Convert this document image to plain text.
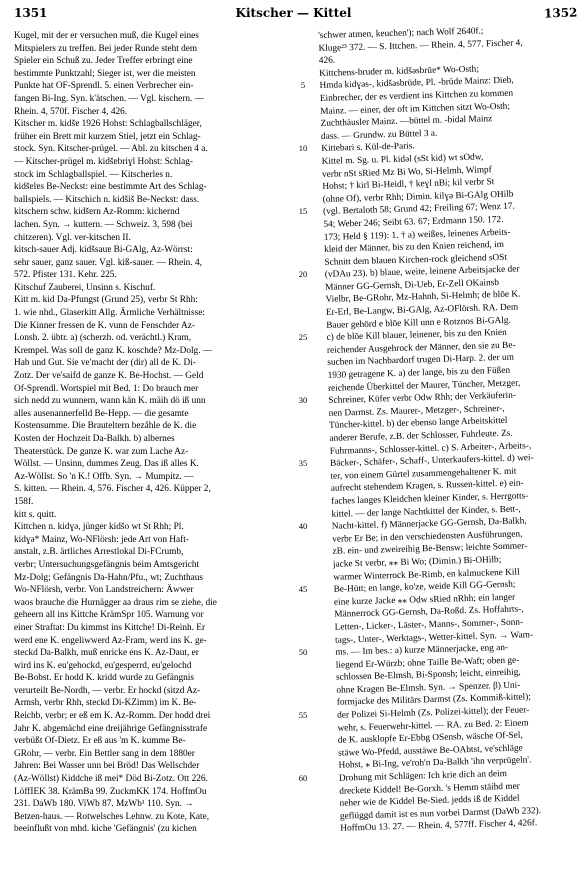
1351	Kitscher — Kittel	1352
Kugel, mit der er versuchen muß, die Kugel eines
Mitspielers zu treffen. Bei jeder Runde steht dem
Spieler ein Schuß zu. Jeder Treffer erbringt eine
bestimmte Punktzahl; Sieger ist, wer die meisten
Punkte hat OF-Sprendl. 5. einen Verbrecher ein-
fangen Bi-Ing. Syn. k'ätschen. — Vgl. kischern. —
Rhein. 4, 570f. Fischer 4, 426.
Kitscher m. kidšɐ 1926 Hohst: Schlagballschläger,
früher ein Brett mit kurzem Stiel, jetzt ein Schlag-
stock. Syn. Kitscher-prügel. — Abl. zu kitschen 4 a.
— Kitscher-prügel m. kidšɐbriɣl Hohst: Schlag-
stock im Schlagballspiel. — Kitscherles n.
kidšɐlɐs Be-Neckst: eine bestimmte Art des Schlag-
ballspiels. — Kitschich n. kidšiš Be-Neckst: dass.
kitschern schw. kidšɐrn Az-Romm: kichernd
lachen. Syn. → kuttern. — Schweiz. 3, 598 (bei
chitzeren). Vgl. ver-kitschen II.
kitsch-sauer Adj. kidšsauɐ Bi-GAlg, Az-Wörrst:
sehr sauer, ganz sauer. Vgl. kiß-sauer. — Rhein. 4,
572. Pfister 131. Kehr. 225.
Kitschuf Zauberei, Unsinn s. Kischuf.
Kitt m. kid Da-Pfungst (Grund 25), verbr St Rhh:
1. wie nhd., Glaserkitt Allg. Ärmliche Verhältnisse:
Die Kinner fressen de K. vunn de Fenschder Az-
Lonsh. 2. übtr. a) (scherzh. od. verächtl.) Kram,
Krempel. Was soll de ganz K. koschde? Mz-Dolg. —
Hab und Gut. Sie ve'macht der (dir) all de K. Di-
Zotz. Der ve'saifd de ganze K. Be-Hochst. — Geld
Of-Sprendl. Wortspiel mit Bed. 1: Do brauch mer
sich nedd zu wunnern, wann kän K. mäih dö iß unn
alles ausenannerfelld Be-Hepp. — die gesamte
Kostensumme. Die Brauteltern bezåhle de K. die
Kosten der Hochzeit Da-Balkh. b) albernes
Theaterstück. De ganze K. war zum Lache Az-
Wöllst. — Unsinn, dummes Zeug. Das iß alles K.
Az-Wöllst. So 'n K.! Offb. Syn. → Mumpitz. —
S. kitten. — Rhein. 4, 576. Fischer 4, 426. Küpper 2,
158f.
kitt s. quitt.
Kittchen n. kidɣə, jünger kidšo wt St Rhh; Pl.
kidɣə* Mainz, Wo-NFlörsh: jede Art von Haft-
anstalt, z.B. ärtliches Arrestlokal Di-FCrumb,
verbr; Untersuchungsgefängnis beim Amtsgericht
Mz-Dolg; Gefängnis Da-Hahn/Pfu., wt; Zuchthaus
Wo-NFlörsh, verbr. Von Landstreichern: Äwwer
waos brauche die Hurnägger aa draus rim se ziehe, die
geheern all ins Kittche KrämSpr 105. Warnung vor
einer Straftat: Du kimmst ins Kittche! Di-Reinh. Er
werd ene K. engeliwwerd Az-Fram, werd ins K. ge-
steckd Da-Balkh, muß enricke ens K. Az-Daut, er
wird ins K. eu'gehockd, eu'gesperrd, eu'gelochd
Be-Bobst. Er hodd K. kridd wurde zu Gefängnis
verurteilt Be-Nordh, — verbr. Er hockd (sitzd Az-
Armsh, verbr Rhh, steckd Di-KZimm) im K. Be-
Reichb, verbr; er eß em K. Az-Romm. Der hodd drei
Jahr K. abgemächd eine dreijährige Gefängnisstrafe
verbüßt Of-Dietz. Er eß aus 'm K. kumme Be-
GRohr, — verbr. Ein Bettler sang in dem 1880er
Jahren: Bei Wasser unn bei Bröd! Das Wellschder
(Az-Wöllst) Kiddche iß mei* Död Bi-Zotz. Ott 226.
LöffIEK 38. KrämBa 99. ZuckmKK 174. HoffmOu
231. DaWb 180. ViWb 87. MzWb¹ 110. Syn. →
Betzen-haus. — Rotwelsches Lehnw. zu Kote, Kate,
beeinflußt von mhd. kiche 'Gefängnis' (zu kichen
5
10
15
20
25
30
35
40
45
50
55
60
'schwer atmen, keuchen'); nach Wolf 2640f.;
Kluge²³ 372. — S. Ittchen. — Rhein. 4, 577. Fischer 4,
426.
Kittchens-bruder m. kidšəsbrūɐ* Wo-Osth;
Hmda kidɣəs-, kidšəsbrūdɐ, Pl. -brūdɐ Mainz: Dieb,
Einbrecher, der es verdient ins Kittchen zu kommen
Mainz. — einer, der oft im Kittchen sitzt Wo-Osth;
Zuchthäusler Mainz. —büttel m. -bidəl Mainz
dass. — Grundw. zu Büttel 3 a.
Kittebari s. Kül-de-Paris.
Kittel m. Sg. u. Pl. kidəl (sSt kid) wt sOdw,
verbr nSt sRied Mz Bi Wo, Si-Helmh, Wimpf
Hohst; † kirl Bi-Heidl, † keɣl nBi; kil verbr St
(ohne Of), verbr Rhh; Dimin. kilɣə Bi-GAlg OHilb
(vgl. Bertaloth 58; Grund 42; Freiling 67; Wenz 17.
54; Weber 246; Seibt 63. 67; Erdmann 150. 172.
173; Held § 119): 1. † a) weißes, leinenes Arbeits-
kleid der Männer, bis zu den Knien reichend, im
Schnitt dem blauen Kirchen-rock gleichend sOSt
(vDAu 23). b) blaue, weite, leinene Arbeitsjacke der
Männer GG-Gernsh, Di-Ueb, Er-Zell OKainsb
Vielbr, Be-GRohr, Mz-Hahnh, Si-Helmh; de blōe K.
Er-Erl, Be-Langw, Bi-GAlg, Az-OFlörsh. RA. Dem
Bauer gehörd e blōe Kill unn e Rotznos Bi-GAlg.
c) de blōe Kill blauer, leinener, bis zu den Knien
reichender Ausgehrock der Männer, den sie zu Be-
suchen im Nachbardorf trugen Di-Harp. 2. der um
1930 getragene K. a) der lange, bis zu den Füßen
reichende Überkittel der Maurer, Tüncher, Metzger,
Schreiner, Küfer verbr Odw Rhh; der Verkäuferin-
nen Darmst. Zs. Maurer-, Metzger-, Schreiner-,
Tüncher-kittel. b) der ebenso lange Arbeitskittel
anderer Berufe, z.B. der Schlosser, Fuhrleute. Zs.
Fuhrmanns-, Schlosser-kittel. c) S. Arbeiter-, Arbeits-,
Bäcker-, Schäfer-, Schaff-, Unterkaufers-kittel. d) wei-
ter, von einem Gürtel zusammengehaltener K. mit
aufrecht stehendem Kragen, s. Russen-kittel. e) ein-
faches langes Kleidchen kleiner Kinder, s. Herrgotts-
kittel. — der lange Nachtkittel der Kinder, s. Bett-,
Nacht-kittel. f) Männerjacke GG-Gernsh, Da-Balkh,
verbr Er Be; in den verschiedensten Ausführungen,
zB. ein- und zweireihig Be-Bensw; leichte Sommer-
jacke St verbr, ⁎⁎ Bi Wo; (Dimin.) Bi-OHilb;
warmer Winterrock Be-Rimb, en kalmuckene Kill
Be-Hütt; en lange, ko'ze, weide Kill GG-Gernsh;
eine kurze Jacke ⁎⁎ Odw sRied nRhh; ein langer
Männerrock GG-Gernsh, Da-Roßd. Zs. Hoffahrts-,
Letten-, Licker-, Läster-, Manns-, Sommer-, Sonn-
tags-, Unter-, Werktags-, Wetter-kittel. Syn. → Wam-
ms. — Im bes.: a) kurze Männerjacke, eng an-
liegend Er-Würzb; ohne Taille Be-Waft; oben ge-
schlossen Be-Elmsh, Bi-Sponsh; leicht, einreihig,
ohne Kragen Be-Elmsh. Syn. → Spenzer. β) Uni-
formjacke des Militärs Darmst (Zs. Kommiß-kittel);
der Polizei Si-Helmh (Zs. Polizei-kittel); der Feuer-
wehr, s. Feuerwehr-kittel. — RA. zu Bed. 2: Einem
de K. ausklopfe Er-Ebbg OSensb, wäsche Of-Sel,
stäwe Wo-Pfedd, ausstäwe Be-OAbtst, ve'schläge
Hohst, ⁎ Bi-Ing, ve'roh'n Da-Balkh 'ihn verprügeln'.
Drohung mit Schlägen: Ich krie dich an deim
dreckete Kiddel! Be-Gorxh. 's Hemm stäihd mer
neher wie de Kiddel Be-Sied. jedds iß de Kiddel
geflüggd damit ist es nun vorbei Darmst (DaWb 232).
HoffmOu 13. 27. — Rhein. 4, 577ff. Fischer 4, 426f.
